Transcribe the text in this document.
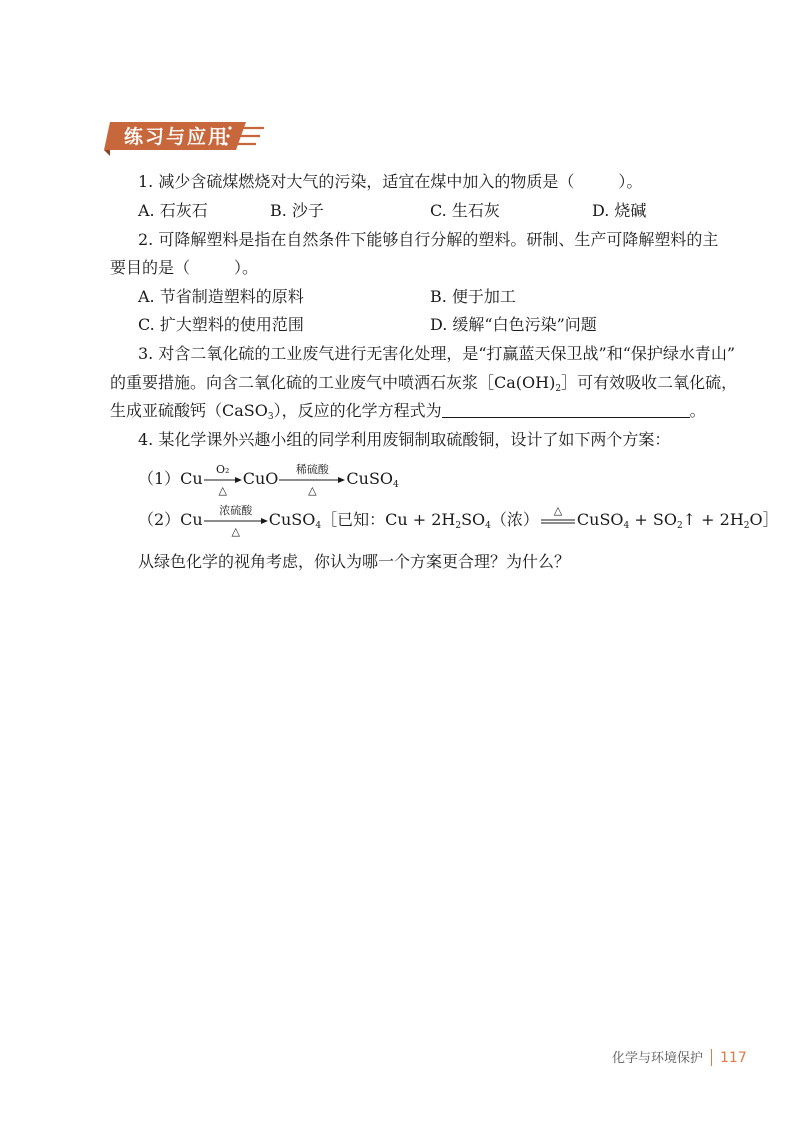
练习与应用
1. 减少含硫煤燃烧对大气的污染，适宜在煤中加入的物质是（	）。
A. 石灰石	B. 沙子	C. 生石灰	D. 烧碱
2. 可降解塑料是指在自然条件下能够自行分解的塑料。研制、生产可降解塑料的主
要目的是（	）。
A. 节省制造塑料的原料	B. 便于加工
C. 扩大塑料的使用范围	D. 缓解“白色污染”问题
3. 对含二氧化硫的工业废气进行无害化处理，是“打赢蓝天保卫战”和“保护绿水青山”
的重要措施。向含二氧化硫的工业废气中喷洒石灰浆$[Ca(OH)_2]$可有效吸收二氧化硫，
生成亚硫酸钙（CaSO$_3$），反应的化学方程式为	。
4. 某化学课外兴趣小组的同学利用废铜制取硫酸铜，设计了如下两个方案：
（1）Cu	O₂
△
CuO	稀硫酸
△
CuSO$_4$
（2）Cu	浓硫酸
△
CuSO$_4$［已知：$Cu + 2H_2SO_4$（浓）	△ CuSO$_4$ + $SO_2↑$ + $2H_2O]$
从绿色化学的视角考虑，你认为哪一个方案更合理？为什么？
化学与环境保护 117
